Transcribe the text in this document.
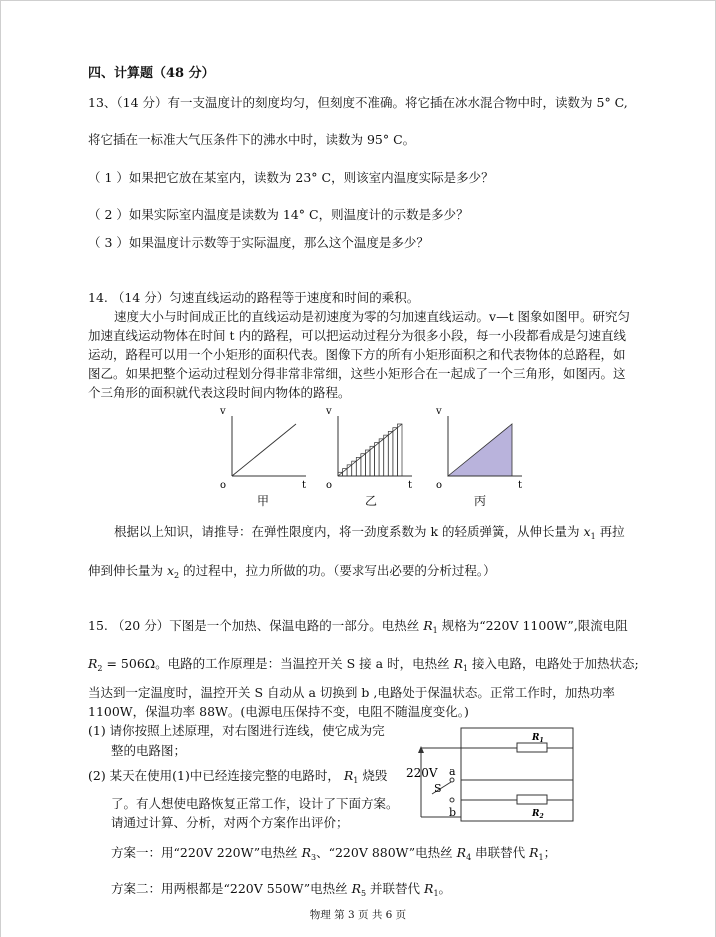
四、计算题（48 分）
13、（14 分）有一支温度计的刻度均匀，但刻度不准确。将它插在冰水混合物中时，读数为 5° C,
将它插在一标准大气压条件下的沸水中时，读数为 95° C。
（ 1 ）如果把它放在某室内，读数为 23° C，则该室内温度实际是多少？
（ 2 ）如果实际室内温度是读数为 14° C，则温度计的示数是多少？
（ 3 ）如果温度计示数等于实际温度，那么这个温度是多少？
14. （14 分）匀速直线运动的路程等于速度和时间的乘积。
速度大小与时间成正比的直线运动是初速度为零的匀加速直线运动。v—t 图象如图甲。研究匀
加速直线运动物体在时间 t 内的路程，可以把运动过程分为很多小段，每一小段都看成是匀速直线
运动，路程可以用一个小矩形的面积代表。图像下方的所有小矩形面积之和代表物体的总路程，如
图乙。如果把整个运动过程划分得非常非常细，这些小矩形合在一起成了一个三角形，如图丙。这
个三角形的面积就代表这段时间内物体的路程。
v
t
o
甲
v
t
o
乙
v
t
o
丙
根据以上知识，请推导：在弹性限度内，将一劲度系数为 k 的轻质弹簧，从伸长量为 $x_1$ 再拉
伸到伸长量为 $x_2$ 的过程中，拉力所做的功。（要求写出必要的分析过程。）
15. （20 分）下图是一个加热、保温电路的一部分。电热丝 $R_1$ 规格为“220V 1100W”,限流电阻
$R_2 = 506\Omega$。电路的工作原理是：当温控开关 S 接 a 时，电热丝 $R_1$ 接入电路，电路处于加热状态;
当达到一定温度时，温控开关 S 自动从 a 切换到 b ,电路处于保温状态。正常工作时，加热功率
1100W，保温功率 88W。(电源电压保持不变，电阻不随温度变化。)
(1) 请你按照上述原理，对右图进行连线，使它成为完
整的电路图；
(2) 某天在使用(1)中已经连接完整的电路时， $R_1$ 烧毁
了。有人想使电路恢复正常工作，设计了下面方案。
请通过计算、分析，对两个方案作出评价；
方案一：用“220V 220W”电热丝 $R_3$、“220V 880W”电热丝 $R_4$ 串联替代 $R_1$；
方案二：用两根都是“220V 550W”电热丝 $R_5$ 并联替代 $R_1$。
220V a
b
S
$R_1$
$R_2$
物理 第 3 页 共 6 页
